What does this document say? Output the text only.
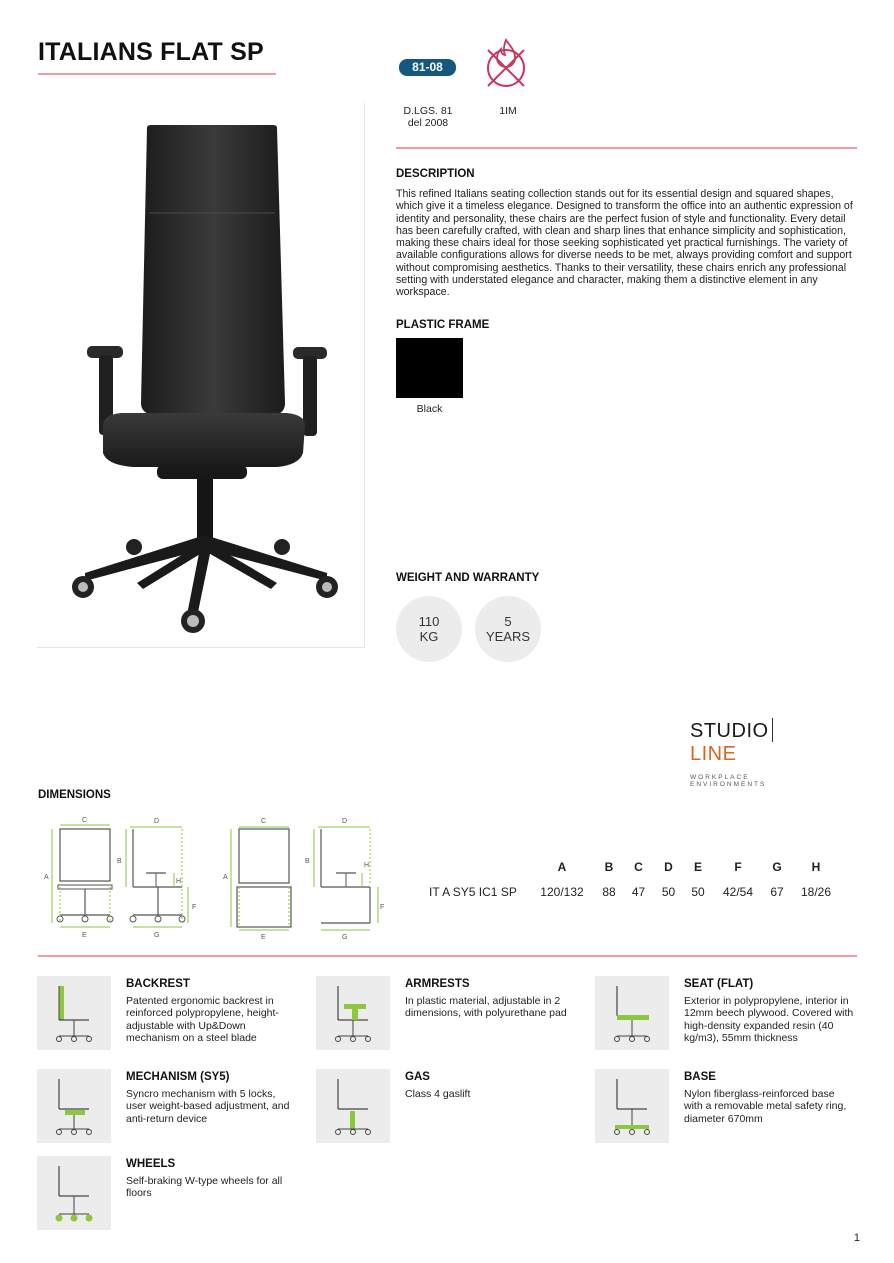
ITALIANS FLAT SP
81-08
D.LGS. 81
del 2008
1IM
DESCRIPTION
This refined Italians seating collection stands out for its essential design and squared shapes, which give it a timeless elegance. Designed to transform the office into an authentic expression of identity and personality, these chairs are the perfect fusion of style and functionality. Every detail has been carefully crafted, with clean and sharp lines that enhance simplicity and sophistication, making these chairs ideal for those seeking sophisticated yet practical furnishings. The variety of available configurations allows for diverse needs to be met, always providing comfort and support without compromising aesthetics. Thanks to their versatility, these chairs enrich any professional setting with understated elegance and character, making them a distinctive element in any workspace.
PLASTIC FRAME
Black
WEIGHT AND WARRANTY
110
KG
5
YEARS
STUDIOLINE
WORKPLACE ENVIRONMENTS
DIMENSIONS
C
A
E
D
B
H
F
G
C
A
E
D
B
H
F
G
	A	B	C	D	E	F	G	H
IT A SY5 IC1 SP	120/132	88	47	50	50	42/54	67	18/26
BACKREST
Patented ergonomic backrest in reinforced polypropylene, height-adjustable with Up&Down mechanism on a steel blade
ARMRESTS
In plastic material, adjustable in 2 dimensions, with polyurethane pad
SEAT (FLAT)
Exterior in polypropylene, interior in 12mm beech plywood. Covered with high-density expanded resin (40 kg/m3), 55mm thickness
MECHANISM (SY5)
Syncro mechanism with 5 locks, user weight-based adjustment, and anti-return device
GAS
Class 4 gaslift
BASE
Nylon fiberglass-reinforced base with a removable metal safety ring, diameter 670mm
WHEELS
Self-braking W-type wheels for all floors
1
